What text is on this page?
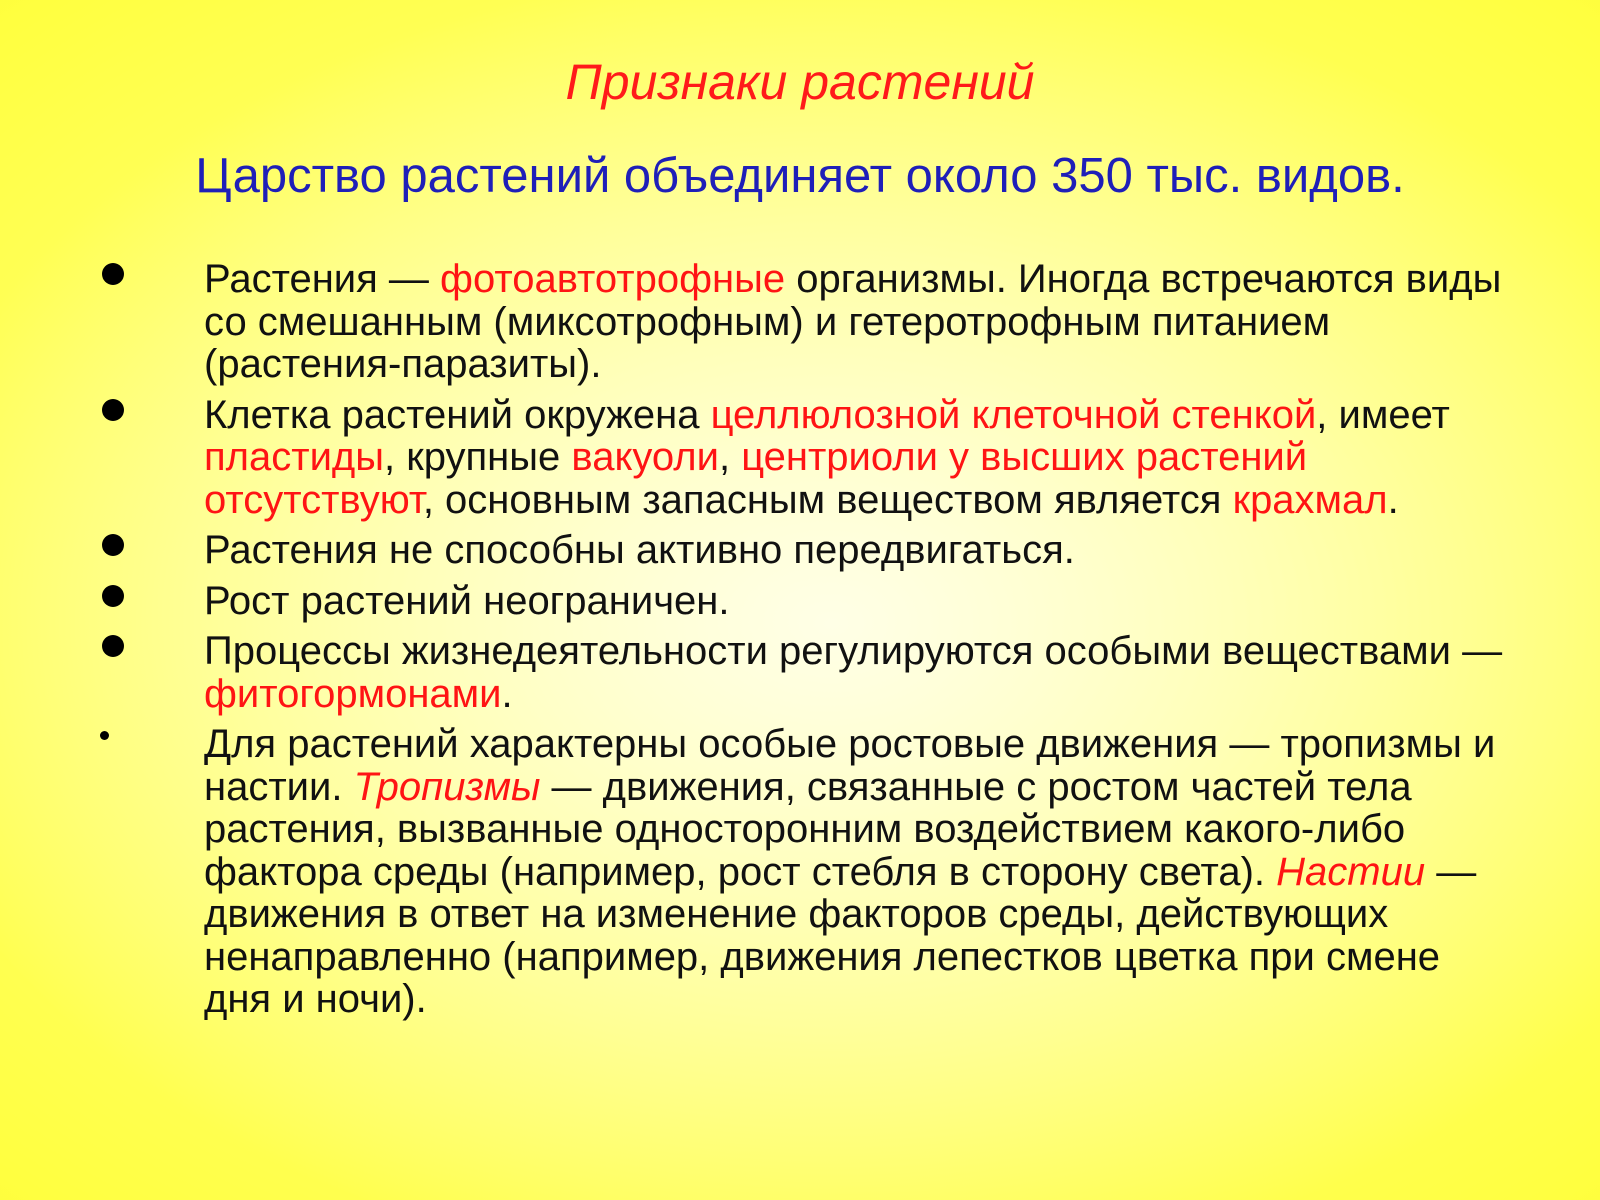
Признаки растений
Царство растений объединяет около 350 тыс. видов.
Растения — фотоавтотрофные организмы. Иногда встречаются виды со смешанным (миксотрофным) и гетеротрофным питанием (растения-паразиты).
Клетка растений окружена целлюлозной клеточной стенкой, имеет пластиды, крупные вакуоли, центриоли у высших растений отсутствуют, основным запасным веществом является крахмал.
Растения не способны активно передвигаться.
Рост растений неограничен.
Процессы жизнедеятельности регулируются особыми веществами — фитогормонами.
Для растений характерны особые ростовые движения — тропизмы и настии. Тропизмы — движения, связанные с ростом частей тела растения, вызванные односторонним воздействием какого-либо фактора среды (например, рост стебля в сторону света). Настии — движения в ответ на изменение факторов среды, действующих ненаправленно (например, движения лепестков цветка при смене дня и ночи).
